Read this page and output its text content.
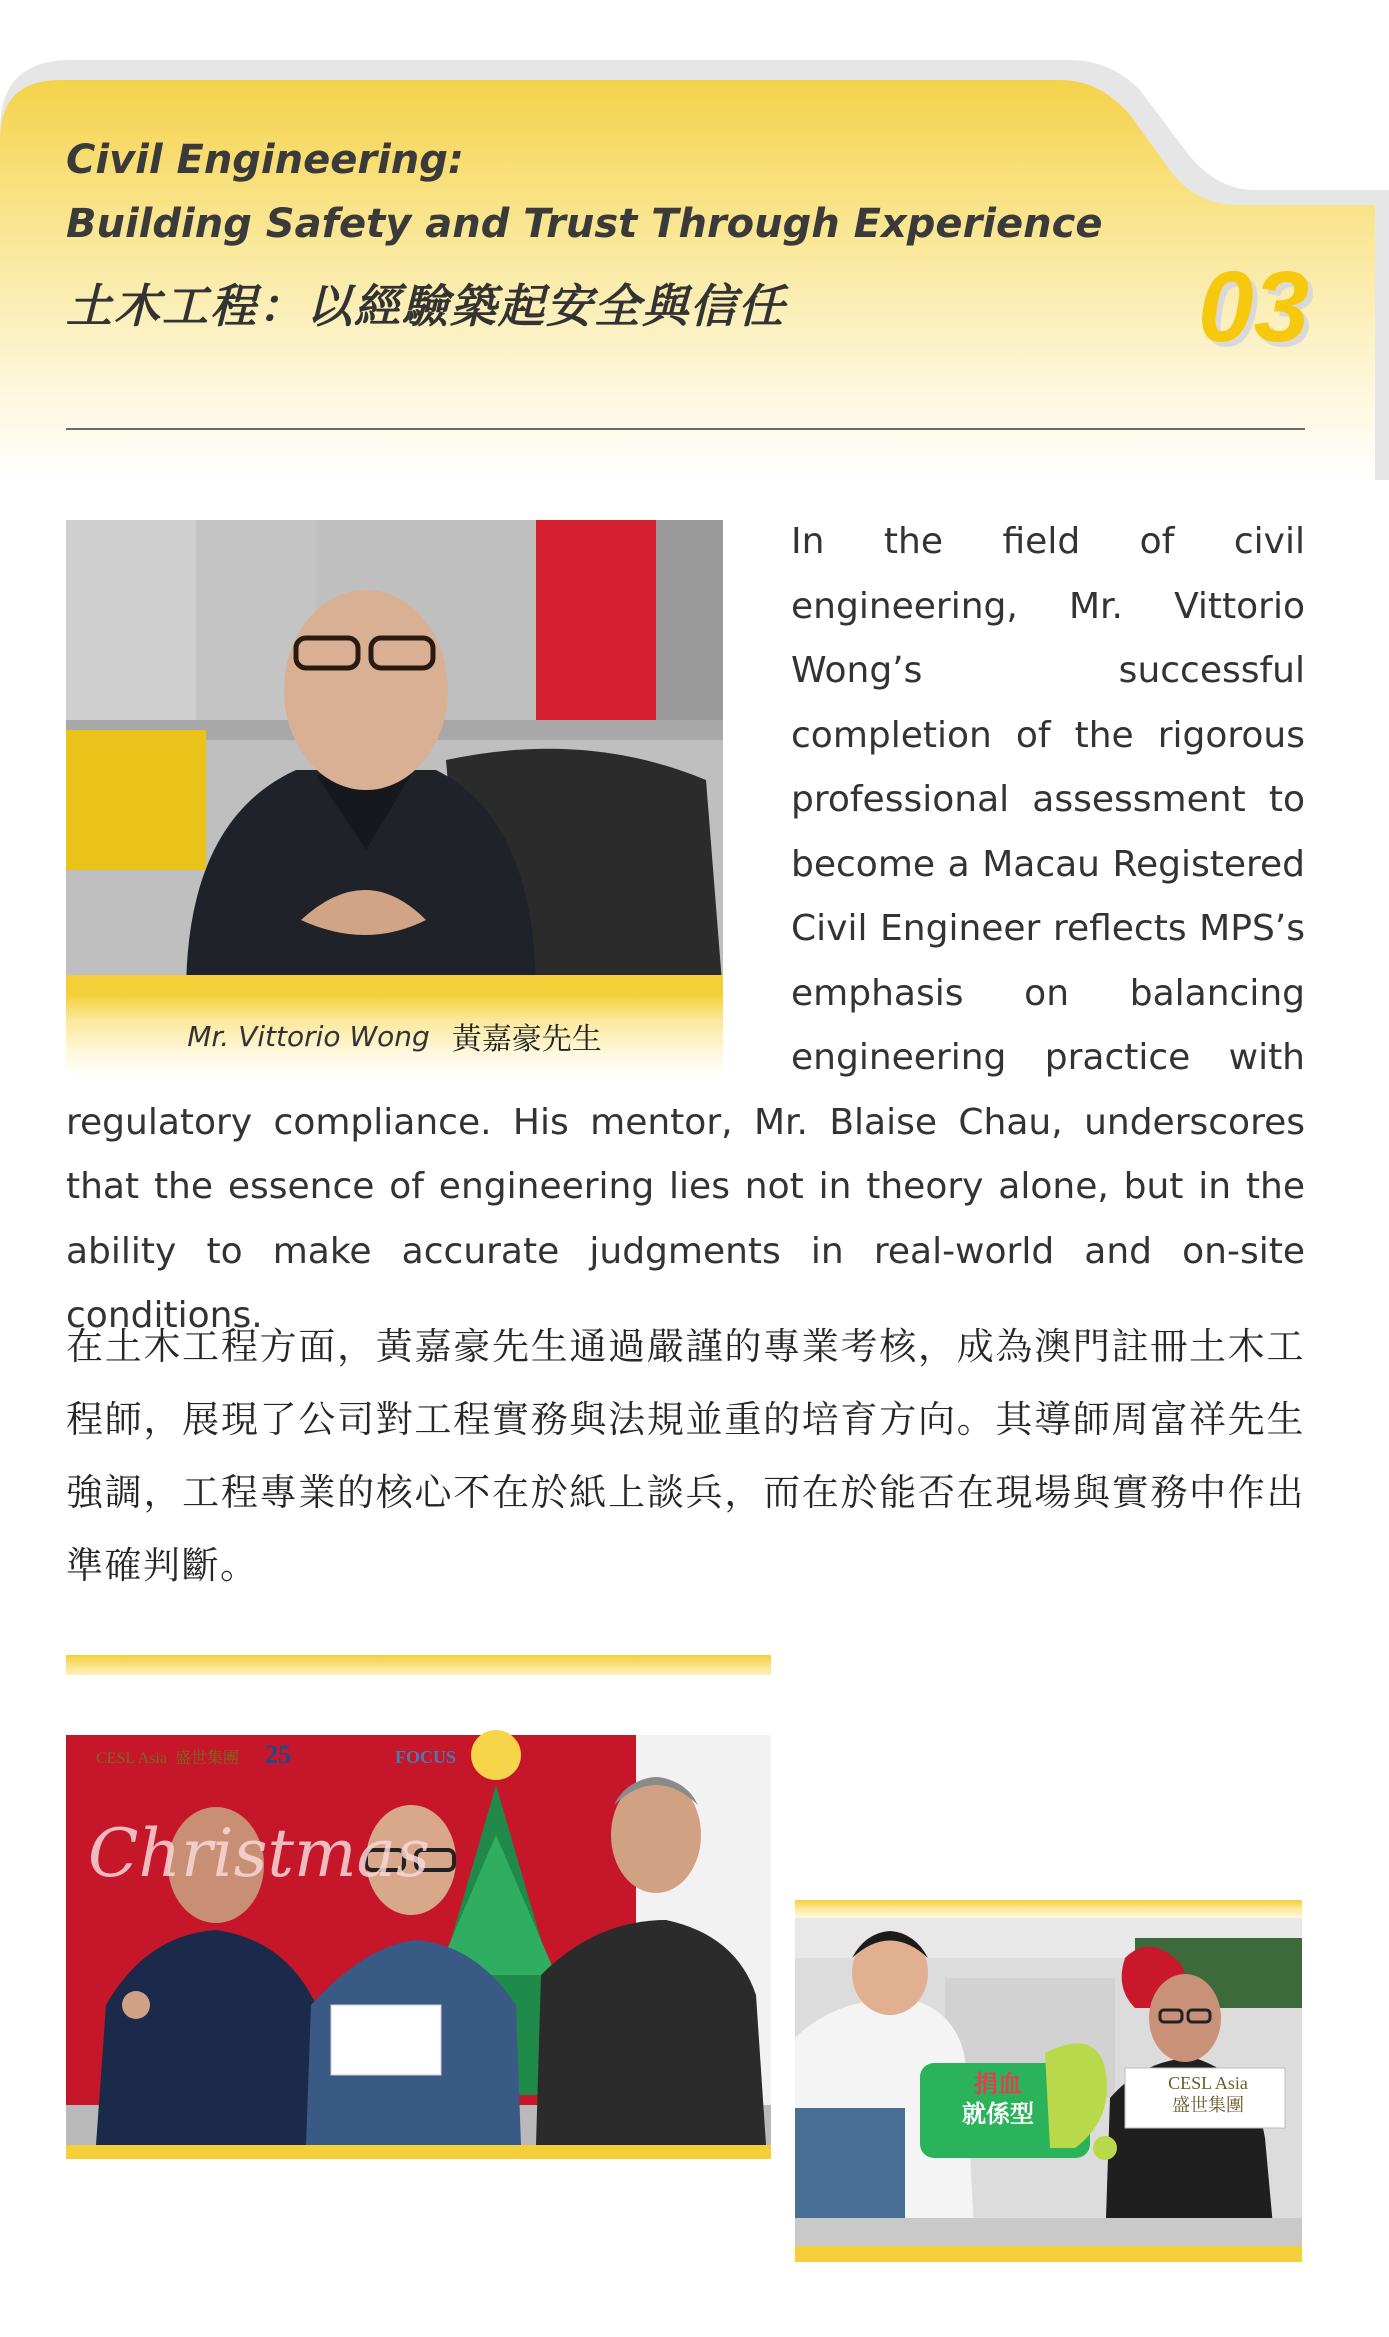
Civil Engineering:
Building Safety and Trust Through Experience
土木工程：以經驗築起安全與信任	03
Mr. Vittorio Wong 黃嘉豪先生
In the field of civil engineering, Mr. Vittorio Wong’s successful completion of the rigorous professional assessment to become a Macau Registered Civil Engineer reflects MPS’s emphasis on balancing engineering practice with regulatory compliance. His mentor, Mr. Blaise Chau, underscores that the essence of engineering lies not in theory alone, but in the ability to make accurate judgments in real-world and on-site conditions.
在土木工程方面，黃嘉豪先生通過嚴謹的專業考核，成為澳門註冊土木工程師，展現了公司對工程實務與法規並重的培育方向。其導師周富祥先生強調，工程專業的核心不在於紙上談兵，而在於能否在現場與實務中作出準確判斷。
CESL Asia 盛世集團 25	FOCUS
Christmas
捐血
就係型
CESL Asia
盛世集團
